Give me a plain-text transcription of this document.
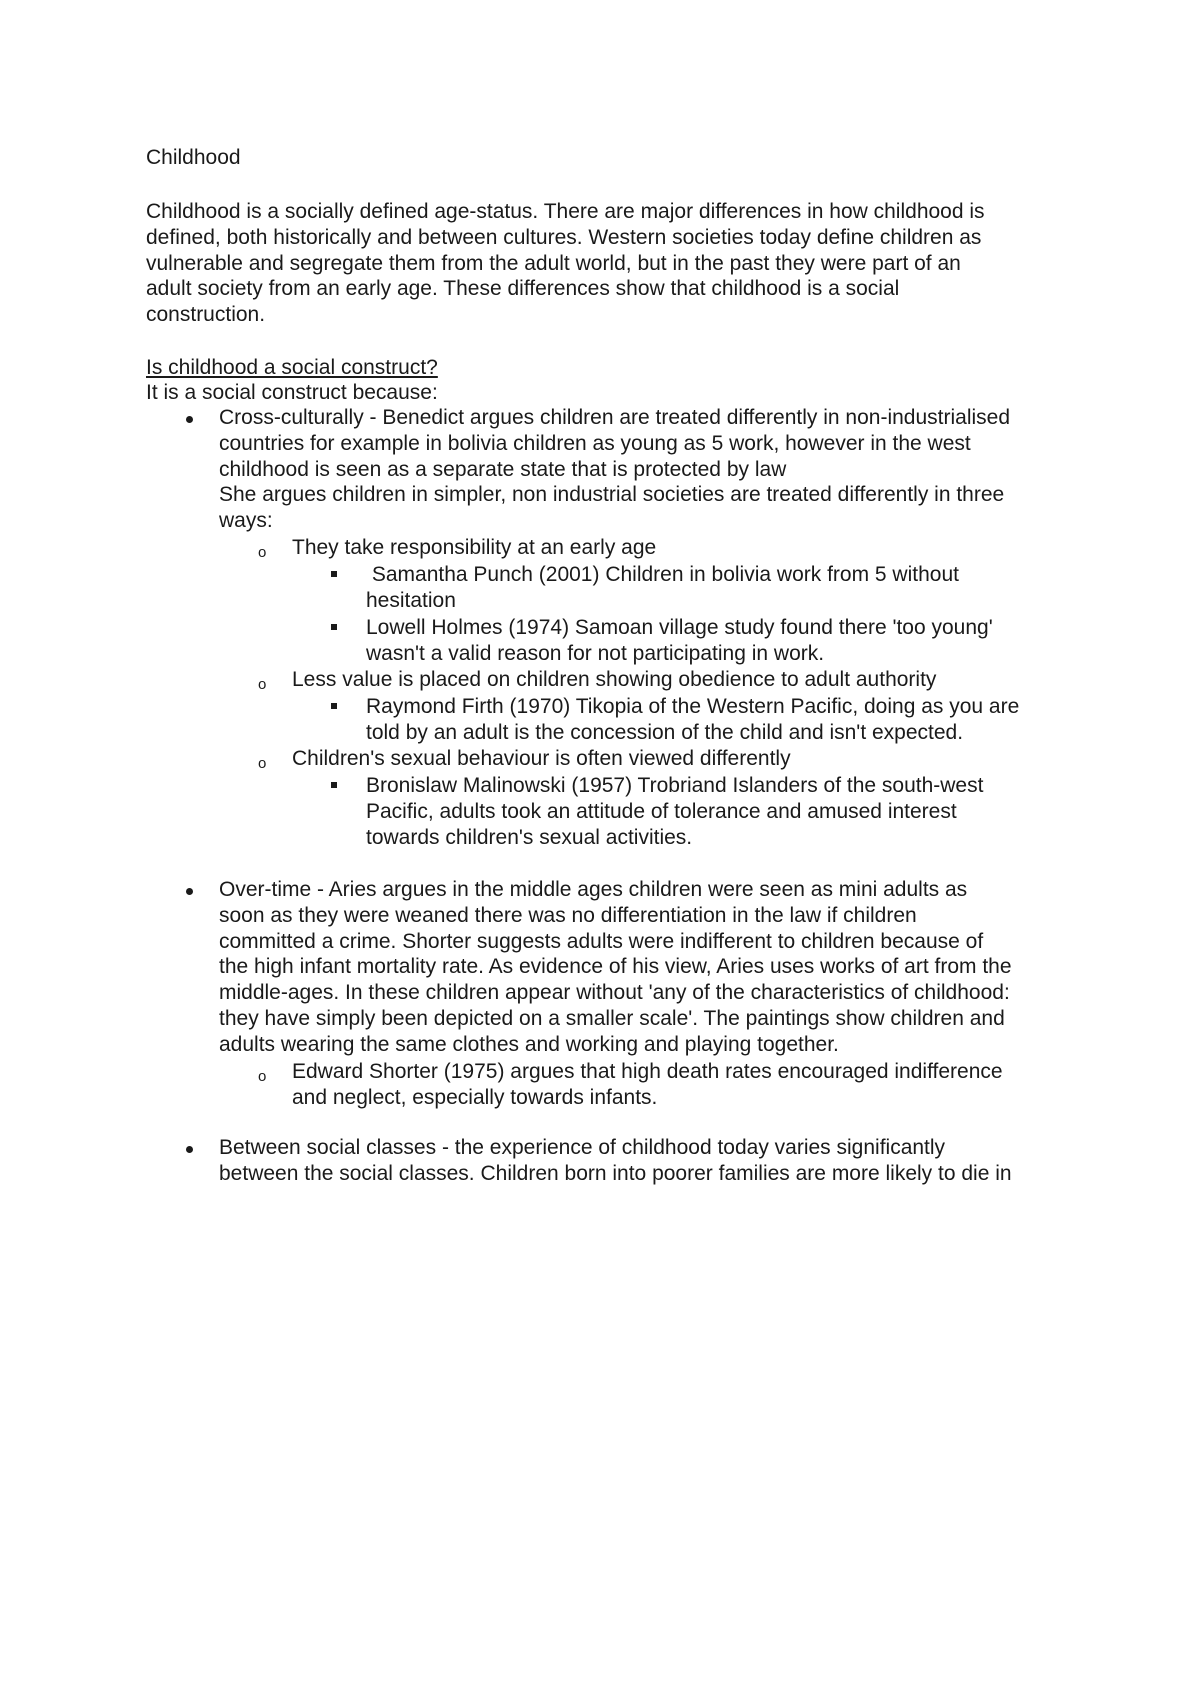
Childhood
Childhood is a socially defined age-status. There are major differences in how childhood is
defined, both historically and between cultures. Western societies today define children as
vulnerable and segregate them from the adult world, but in the past they were part of an
adult society from an early age. These differences show that childhood is a social
construction.
Is childhood a social construct?
It is a social construct because:
Cross-culturally - Benedict argues children are treated differently in non-industrialised
countries for example in bolivia children as young as 5 work, however in the west
childhood is seen as a separate state that is protected by law
She argues children in simpler, non industrial societies are treated differently in three
ways:
o They take responsibility at an early age
Samantha Punch (2001) Children in bolivia work from 5 without
hesitation
Lowell Holmes (1974) Samoan village study found there 'too young'
wasn't a valid reason for not participating in work.
o Less value is placed on children showing obedience to adult authority
Raymond Firth (1970) Tikopia of the Western Pacific, doing as you are
told by an adult is the concession of the child and isn't expected.
o Children's sexual behaviour is often viewed differently
Bronislaw Malinowski (1957) Trobriand Islanders of the south-west
Pacific, adults took an attitude of tolerance and amused interest
towards children's sexual activities.
Over-time - Aries argues in the middle ages children were seen as mini adults as
soon as they were weaned there was no differentiation in the law if children
committed a crime. Shorter suggests adults were indifferent to children because of
the high infant mortality rate. As evidence of his view, Aries uses works of art from the
middle-ages. In these children appear without 'any of the characteristics of childhood:
they have simply been depicted on a smaller scale'. The paintings show children and
adults wearing the same clothes and working and playing together.
o Edward Shorter (1975) argues that high death rates encouraged indifference
and neglect, especially towards infants.
Between social classes - the experience of childhood today varies significantly
between the social classes. Children born into poorer families are more likely to die in
